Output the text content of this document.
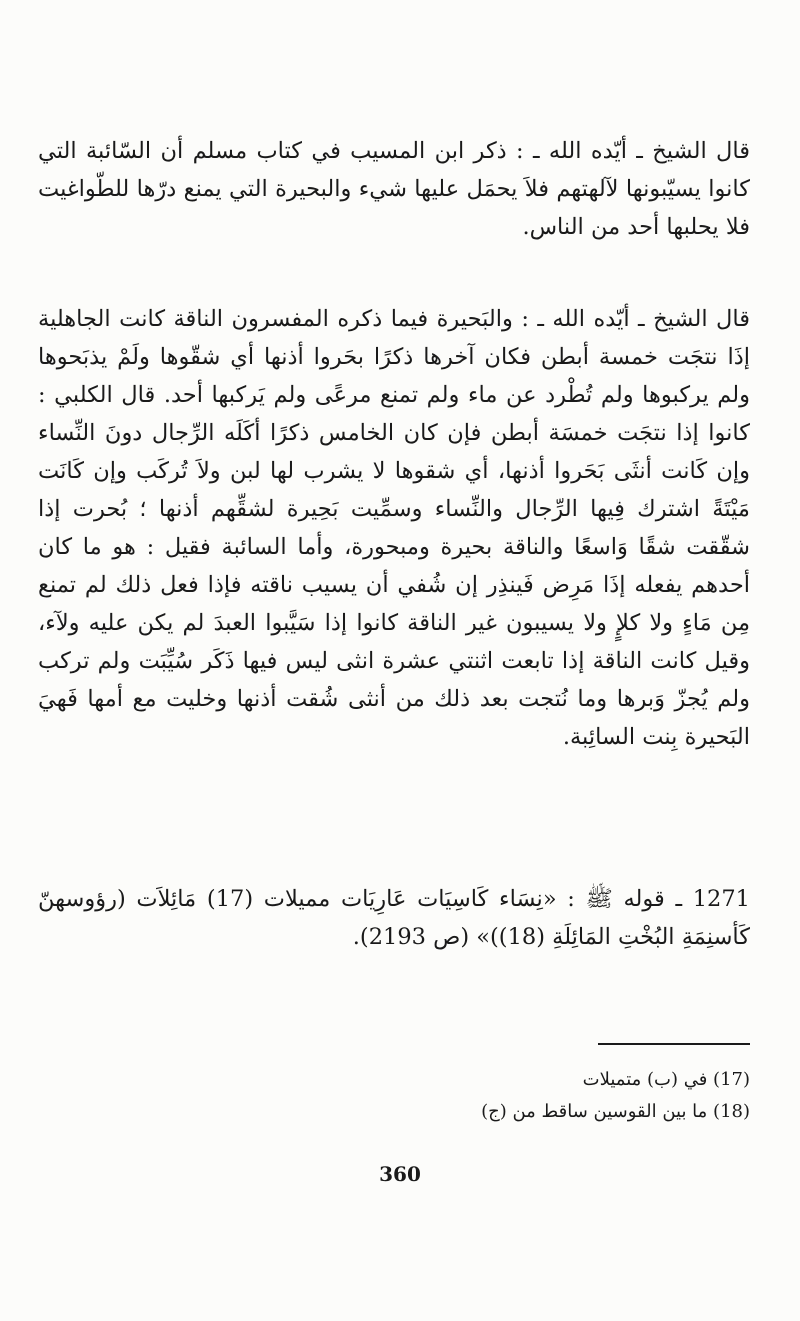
قال الشيخ ـ أيّده الله ـ : ذكر ابن المسيب في كتاب مسلم أن السّائبة التي كانوا يسيّبونها لآلهتهم فلاَ يحمَل عليها شيء والبحيرة التي يمنع درّها للطّواغيت فلا يحلبها أحد من الناس.

قال الشيخ ـ أيّده الله ـ : والبَحيرة فيما ذكره المفسرون الناقة كانت الجاهلية إذَا نتجَت خمسة أبطن فكان آخرها ذكرًا بحَروا أذنها أي شقّوها ولَمْ يذبَحوها ولم يركبوها ولم تُطْرد عن ماء ولم تمنع مرعًى ولم يَركبها أحد. قال الكلبي : كانوا إذا نتجَت خمسَة أبطن فإن كان الخامس ذكرًا أكَلَه الرِّجال دونَ النِّساء وإن كَانت أنثَى بَحَروا أذنها، أي شقوها لا يشرب لها لبن ولاَ تُركَب وإن كَانَت مَيْتَةً اشترك فِيها الرِّجال والنِّساء وسمِّيت بَحِيرة لشقِّهم أذنها ؛ بُحرت إذا شقّقت شقًا وَاسعًا والناقة بحيرة ومبحورة، وأما السائبة فقيل : هو ما كان أحدهم يفعله إذَا مَرِض فَينذِر إن شُفي أن يسيب ناقته فإذا فعل ذلك لم تمنع مِن مَاءٍ ولا كلإٍ ولا يسيبون غير الناقة كانوا إذا سَيَّبوا العبدَ لم يكن عليه ولآء، وقيل كانت الناقة إذا تابعت اثنتي عشرة انثى ليس فيها ذَكَر سُيِّبَت ولم تركب ولم يُجزّ وَبرها وما نُتجت بعد ذلك من أنثى شُقت أذنها وخليت مع أمها فَهيَ البَحيرة بِنت السائِبة.

1271 ـ قوله ﷺ : «نِسَاء كَاسِيَات عَارِيَات مميلات (17) مَائِلاَت (رؤوسهنّ كَأسنِمَةِ البُخْتِ المَائِلَةِ (18))» (ص 2193).

(17) في (ب) متميلات

(18) ما بين القوسين ساقط من (ج)

360
